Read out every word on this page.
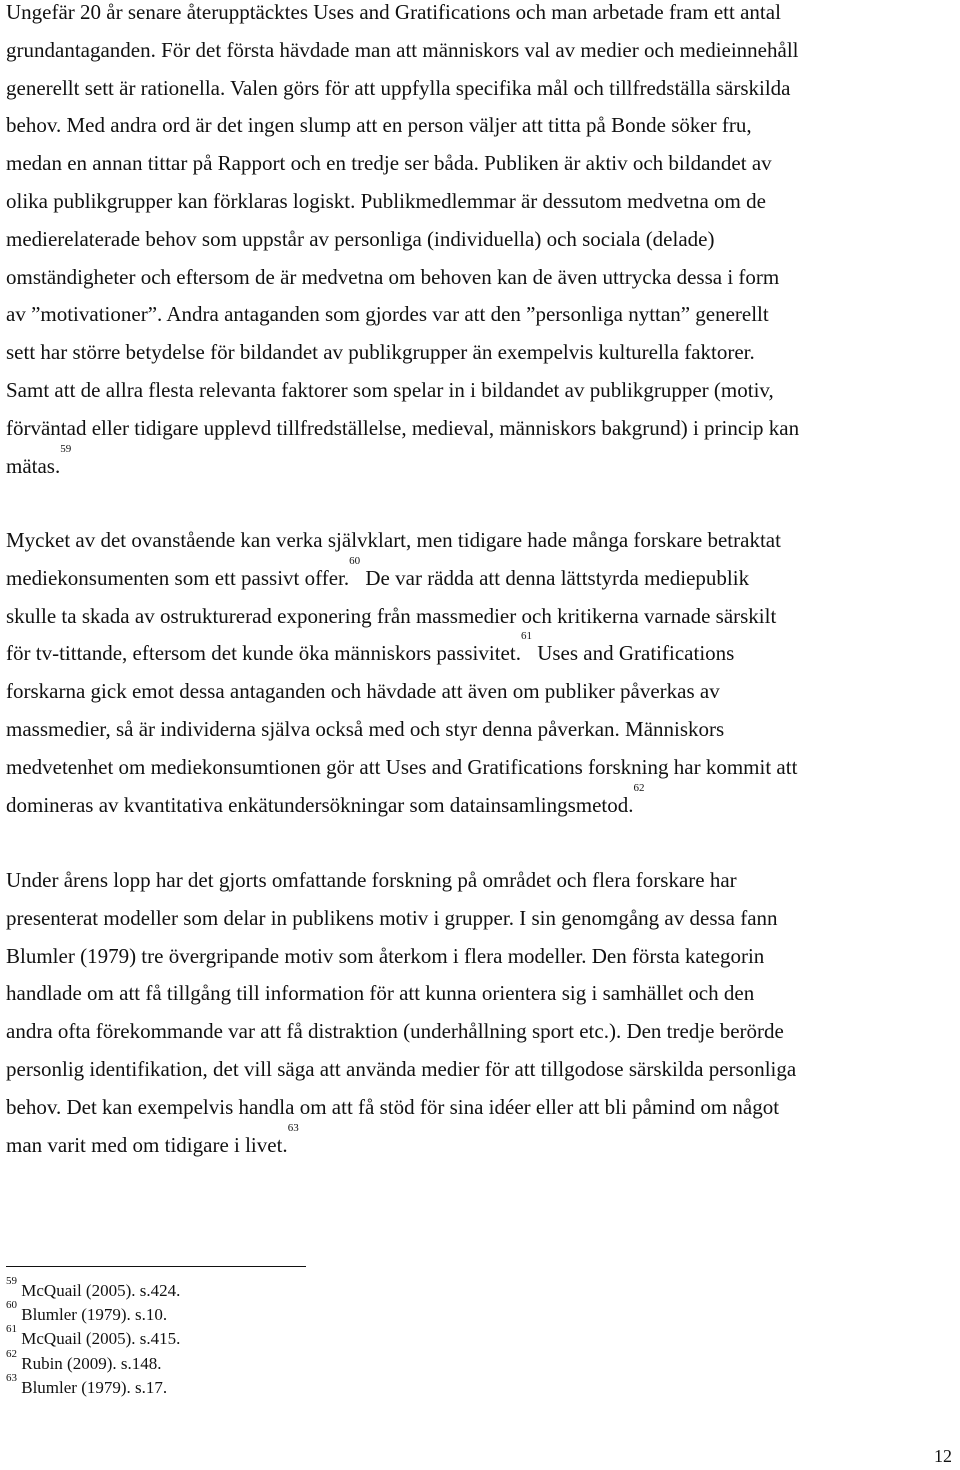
Ungefär 20 år senare återupptäcktes Uses and Gratifications och man arbetade fram ett antal
grundantaganden. För det första hävdade man att människors val av medier och medieinnehåll
generellt sett är rationella. Valen görs för att uppfylla specifika mål och tillfredställa särskilda
behov. Med andra ord är det ingen slump att en person väljer att titta på Bonde söker fru,
medan en annan tittar på Rapport och en tredje ser båda. Publiken är aktiv och bildandet av
olika publikgrupper kan förklaras logiskt. Publikmedlemmar är dessutom medvetna om de
medierelaterade behov som uppstår av personliga (individuella) och sociala (delade)
omständigheter och eftersom de är medvetna om behoven kan de även uttrycka dessa i form
av ”motivationer”. Andra antaganden som gjordes var att den ”personliga nyttan” generellt
sett har större betydelse för bildandet av publikgrupper än exempelvis kulturella faktorer.
Samt att de allra flesta relevanta faktorer som spelar in i bildandet av publikgrupper (motiv,
förväntad eller tidigare upplevd tillfredställelse, medieval, människors bakgrund) i princip kan
mätas.$^{59}$

Mycket av det ovanstående kan verka självklart, men tidigare hade många forskare betraktat
mediekonsumenten som ett passivt offer.$^{60}$ De var rädda att denna lättstyrda mediepublik
skulle ta skada av ostrukturerad exponering från massmedier och kritikerna varnade särskilt
för tv-tittande, eftersom det kunde öka människors passivitet.$^{61}$ Uses and Gratifications
forskarna gick emot dessa antaganden och hävdade att även om publiker påverkas av
massmedier, så är individerna själva också med och styr denna påverkan. Människors
medvetenhet om mediekonsumtionen gör att Uses and Gratifications forskning har kommit att
domineras av kvantitativa enkätundersökningar som datainsamlingsmetod.$^{62}$

Under årens lopp har det gjorts omfattande forskning på området och flera forskare har
presenterat modeller som delar in publikens motiv i grupper. I sin genomgång av dessa fann
Blumler (1979) tre övergripande motiv som återkom i flera modeller. Den första kategorin
handlade om att få tillgång till information för att kunna orientera sig i samhället och den
andra ofta förekommande var att få distraktion (underhållning sport etc.). Den tredje berörde
personlig identifikation, det vill säga att använda medier för att tillgodose särskilda personliga
behov. Det kan exempelvis handla om att få stöd för sina idéer eller att bli påmind om något
man varit med om tidigare i livet.$^{63}$

$^{59}$ McQuail (2005). s.424.
$^{60}$ Blumler (1979). s.10.
$^{61}$ McQuail (2005). s.415.
$^{62}$ Rubin (2009). s.148.
$^{63}$ Blumler (1979). s.17.
12
